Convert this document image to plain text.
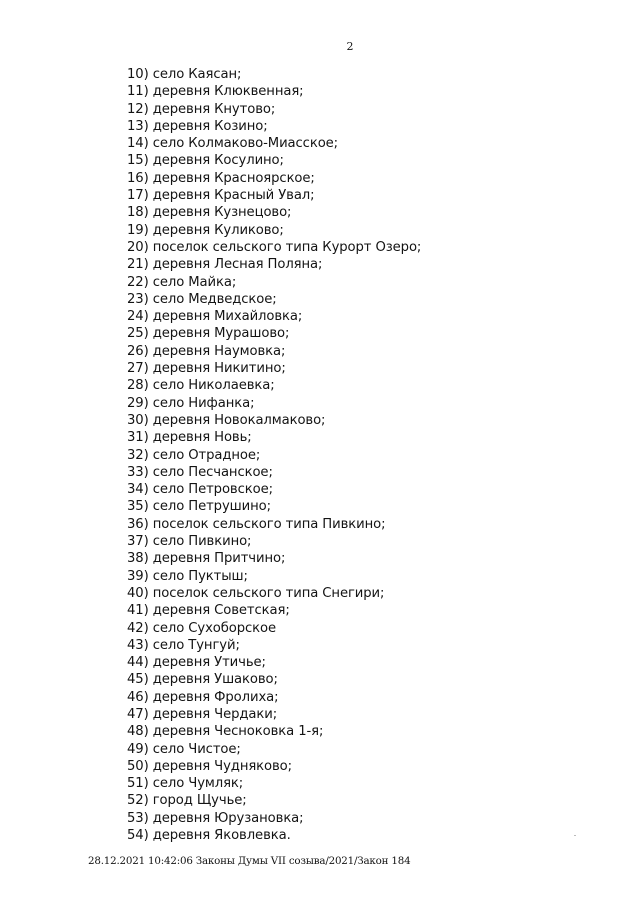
2
10) село Каясан;
11) деревня Клюквенная;
12) деревня Кнутово;
13) деревня Козино;
14) село Колмаково-Миасское;
15) деревня Косулино;
16) деревня Красноярское;
17) деревня Красный Увал;
18) деревня Кузнецово;
19) деревня Куликово;
20) поселок сельского типа Курорт Озеро;
21) деревня Лесная Поляна;
22) село Майка;
23) село Медведское;
24) деревня Михайловка;
25) деревня Мурашово;
26) деревня Наумовка;
27) деревня Никитино;
28) село Николаевка;
29) село Нифанка;
30) деревня Новокалмаково;
31) деревня Новь;
32) село Отрадное;
33) село Песчанское;
34) село Петровское;
35) село Петрушино;
36) поселок сельского типа Пивкино;
37) село Пивкино;
38) деревня Притчино;
39) село Пуктыш;
40) поселок сельского типа Снегири;
41) деревня Советская;
42) село Сухоборское
43) село Тунгуй;
44) деревня Утичье;
45) деревня Ушаково;
46) деревня Фролиха;
47) деревня Чердаки;
48) деревня Чесноковка 1-я;
49) село Чистое;
50) деревня Чудняково;
51) село Чумляк;
52) город Щучье;
53) деревня Юрузановка;
54) деревня Яковлевка.
28.12.2021 10:42:06 Законы Думы VII созыва/2021/Закон 184
